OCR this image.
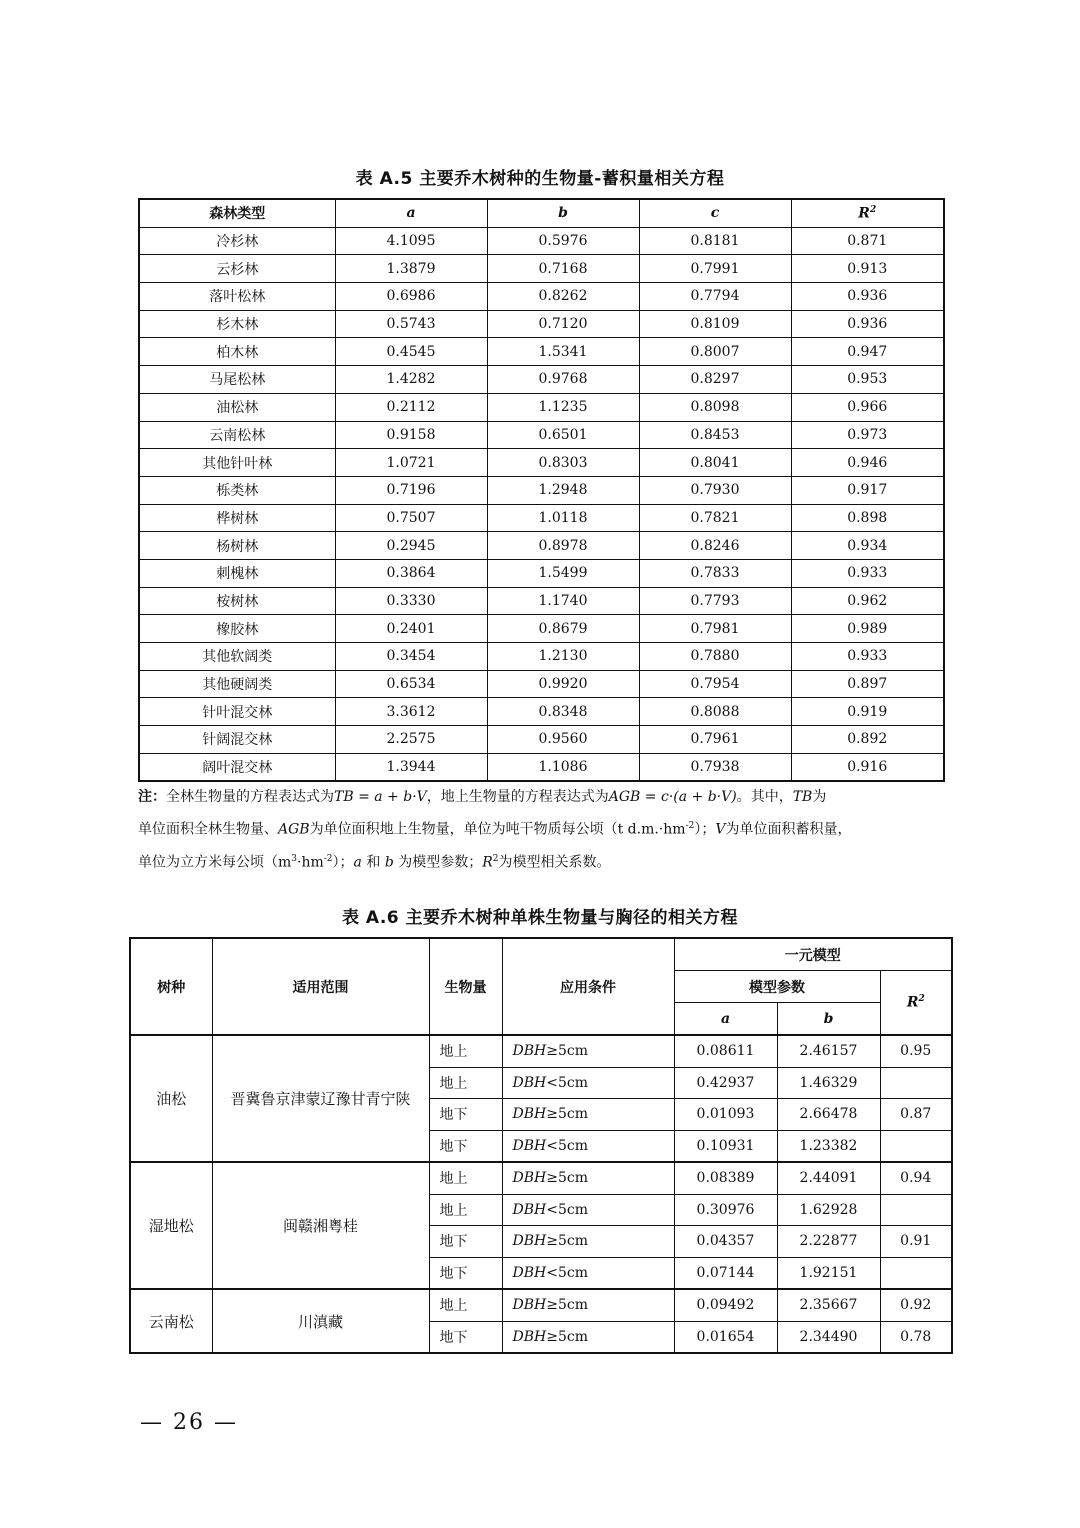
表 A.5 主要乔木树种的生物量-蓄积量相关方程
森林类型	a	b	c	$R^2$
冷杉林	4.1095	0.5976	0.8181	0.871
云杉林	1.3879	0.7168	0.7991	0.913
落叶松林	0.6986	0.8262	0.7794	0.936
杉木林	0.5743	0.7120	0.8109	0.936
柏木林	0.4545	1.5341	0.8007	0.947
马尾松林	1.4282	0.9768	0.8297	0.953
油松林	0.2112	1.1235	0.8098	0.966
云南松林	0.9158	0.6501	0.8453	0.973
其他针叶林	1.0721	0.8303	0.8041	0.946
栎类林	0.7196	1.2948	0.7930	0.917
桦树林	0.7507	1.0118	0.7821	0.898
杨树林	0.2945	0.8978	0.8246	0.934
刺槐林	0.3864	1.5499	0.7833	0.933
桉树林	0.3330	1.1740	0.7793	0.962
橡胶林	0.2401	0.8679	0.7981	0.989
其他软阔类	0.3454	1.2130	0.7880	0.933
其他硬阔类	0.6534	0.9920	0.7954	0.897
针叶混交林	3.3612	0.8348	0.8088	0.919
针阔混交林	2.2575	0.9560	0.7961	0.892
阔叶混交林	1.3944	1.1086	0.7938	0.916
注：全林生物量的方程表达式为TB = a + b·V，地上生物量的方程表达式为AGB = c·(a + b·V)。其中，TB为
单位面积全林生物量、AGB为单位面积地上生物量，单位为吨干物质每公顷（t $d.m.\cdot hm^{-2}$）；V为单位面积蓄积量，
单位为立方米每公顷$(m^3\cdot hm^{-2})$；a 和 b 为模型参数；$R^2$为模型相关系数。
表 A.6 主要乔木树种单株生物量与胸径的相关方程
树种	适用范围	生物量	应用条件	一元模型		
				模型参数		$R^2$
				a	b	
油松	晋冀鲁京津蒙辽豫甘青宁陕	地上	DBH≥5cm	0.08611	2.46157	0.95
		地上	DBH<5cm	0.42937	1.46329	
		地下	DBH≥5cm	0.01093	2.66478	0.87
		地下	DBH<5cm	0.10931	1.23382	
湿地松	闽赣湘粤桂	地上	DBH≥5cm	0.08389	2.44091	0.94
		地上	DBH<5cm	0.30976	1.62928	
		地下	DBH≥5cm	0.04357	2.22877	0.91
		地下	DBH<5cm	0.07144	1.92151	
云南松	川滇藏	地上	DBH≥5cm	0.09492	2.35667	0.92
		地下	DBH≥5cm	0.01654	2.34490	0.78
— 26 —
